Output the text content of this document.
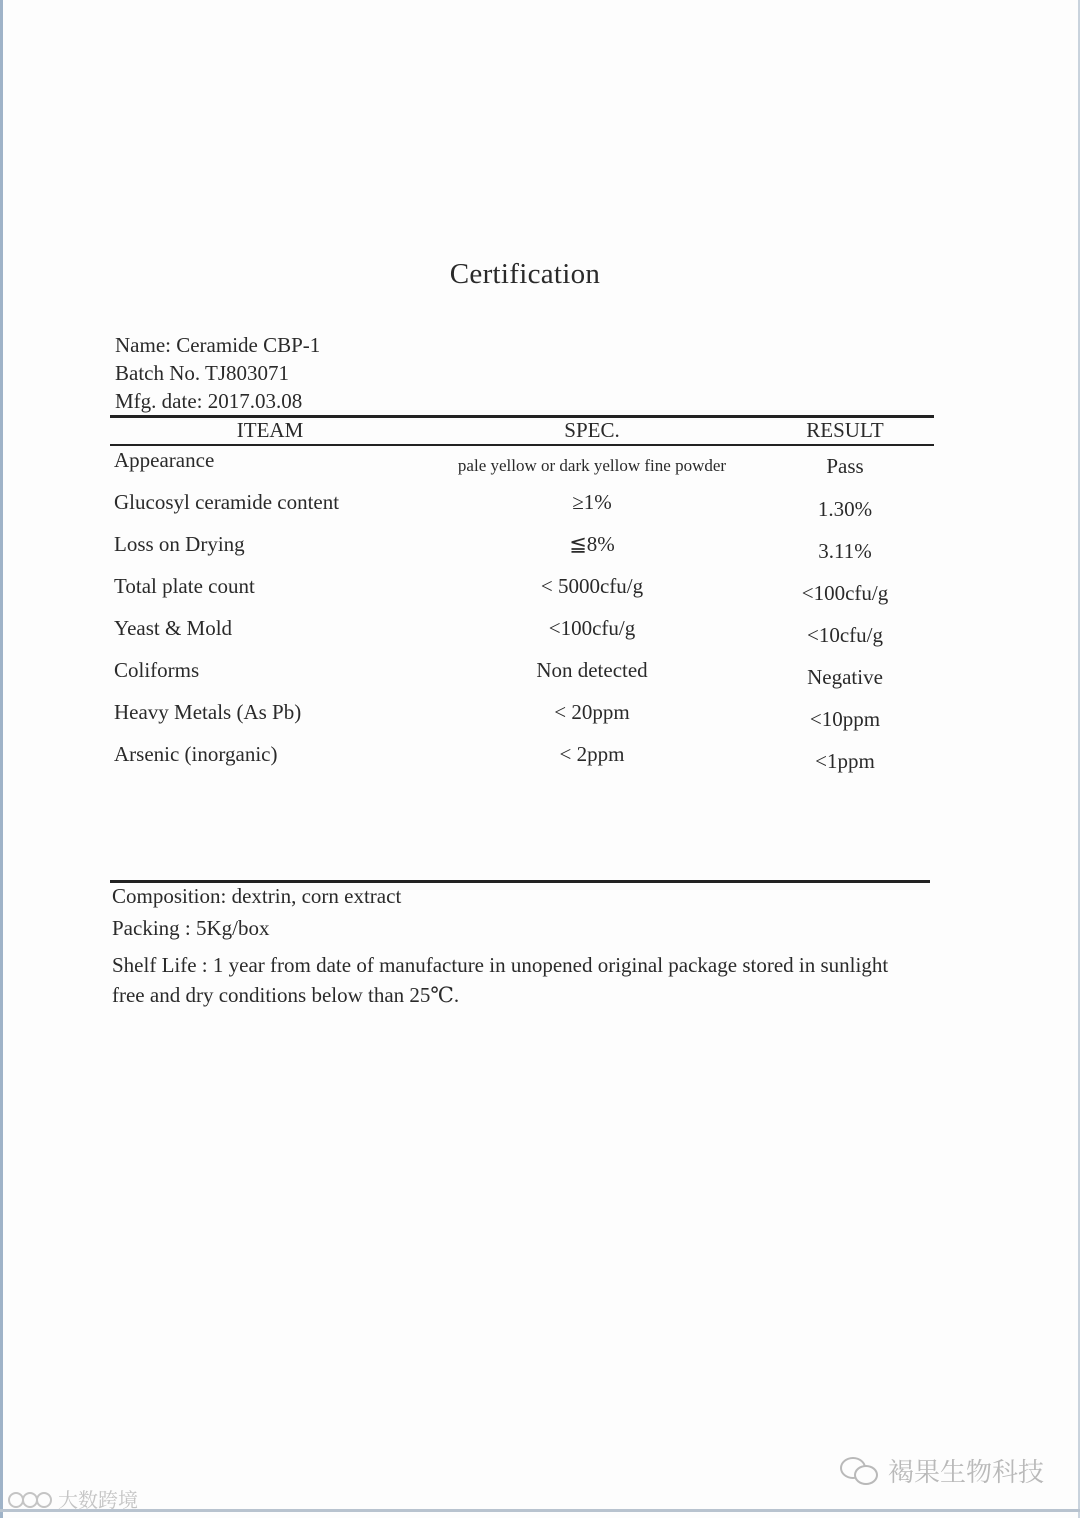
Certification
Name: Ceramide CBP-1
Batch No. TJ803071
Mfg. date: 2017.03.08
ITEAM	SPEC.	RESULT
Appearance	pale yellow or dark yellow fine powder	Pass
Glucosyl ceramide content	≥1%	1.30%
Loss on Drying	≦8%	3.11%
Total plate count	< 5000cfu/g	<100cfu/g
Yeast & Mold	<100cfu/g	<10cfu/g
Coliforms	Non detected	Negative
Heavy Metals (As Pb)	< 20ppm	<10ppm
Arsenic (inorganic)	< 2ppm	<1ppm
Composition: dextrin, corn extract
Packing : 5Kg/box
Shelf Life : 1 year from date of manufacture in unopened original package stored in sunlight free and dry conditions below than 25℃.
褐果生物科技
大数跨境
